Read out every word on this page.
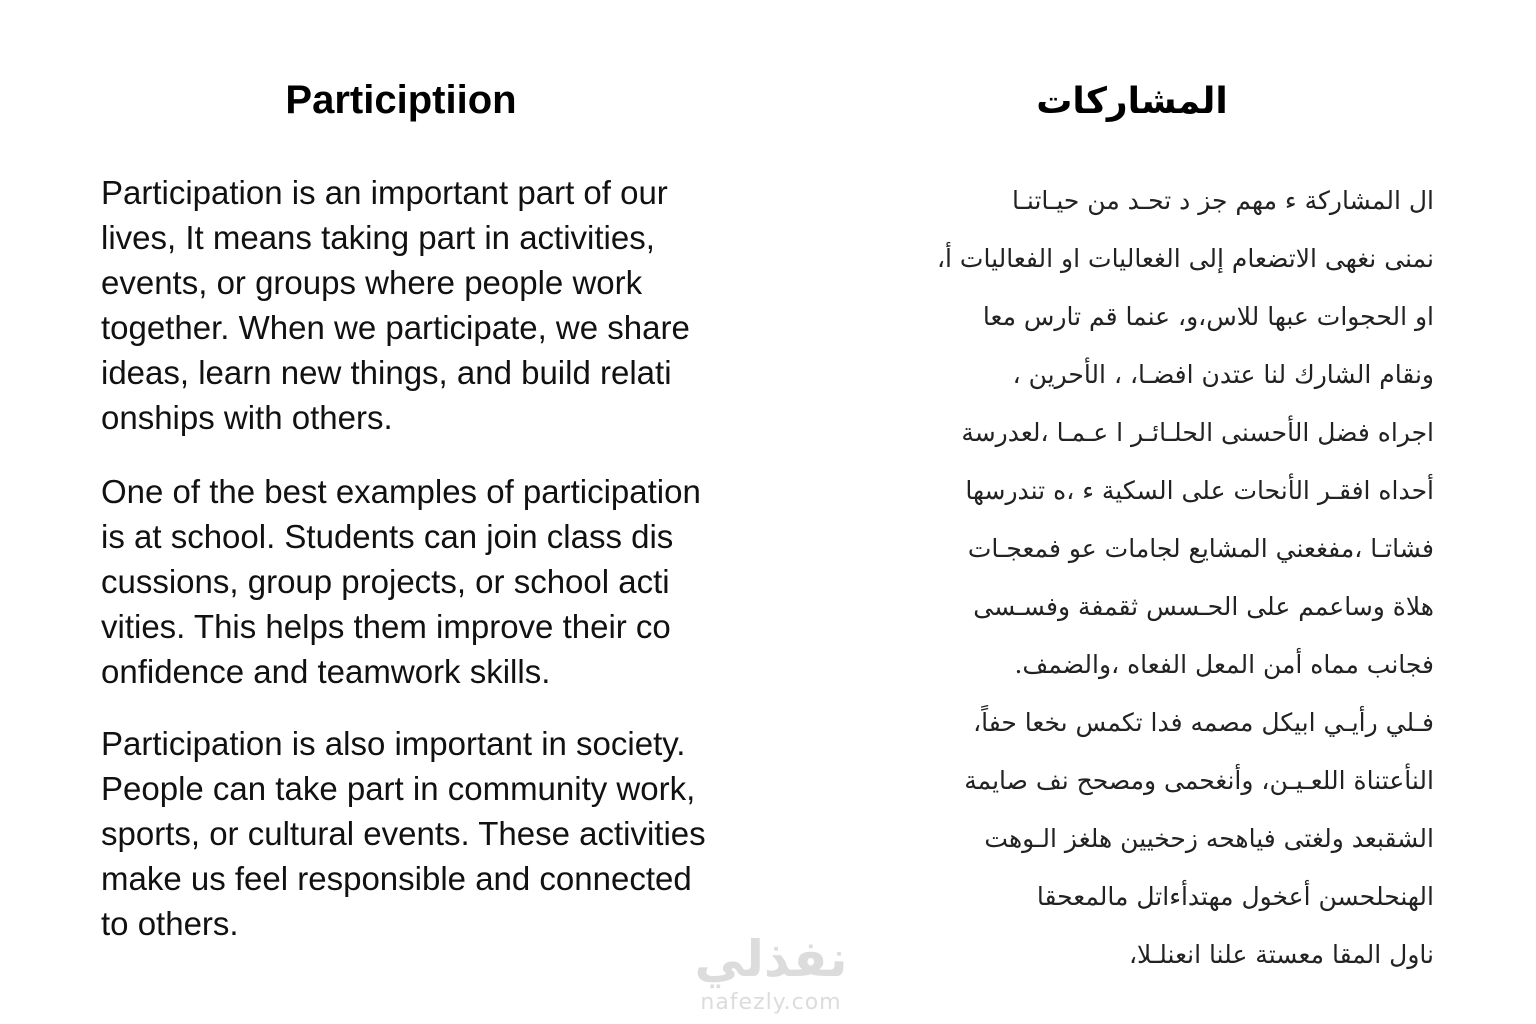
Participtiion

Participation is an important part of our
lives, It means taking part in activities,
events, or groups where people work
together. When we participate, we share
ideas, learn new things, and build relati
onships with others.

One of the best examples of participation
is at school. Students can join class dis
cussions, group projects, or school acti
vities. This helps them improve their co
onfidence and teamwork skills.

Participation is also important in society.
People can take part in community work,
sports, or cultural events. These activities
make us feel responsible and connected
to others.

المشاركات
ال المشاركة ء مهم جز د تحـد من حيـاتنـا
نمنى نغهى الاتضعام إلى الغعاليات او الفعاليات أ،
او الحجوات عبها للاس،و، عنما قم تارس معا
ونقام الشارك لنا عتدن افضـا، ، الأحرين ،
اجراه فضل الأحسنى الحلـائـر ا عـمـا ،لعدرسة
أحداه افقـر الأنحات على السكية ء ،ه تندرسها
فشاتـا ،مفغعني المشايع لجامات عو فمعجـات
هلاة وساعمم على الحـسس ثقمفة وفسـسى
فجانب مماه أمن المعل الفعاه ،والضمف.
فـلي رأيـي ابيكل مصمه فدا تكمس ىخعا حفاً،
النأعتناة اللعـيـن، وأنغحمى ومصحح نف صايمة
الشقبعد ولغتى فياهحه زحخيين هلغز الـوهت
الهنحلحسن أعخول مهتدأءاتل مالمعحقا
ناول المقا معستة علنا انعنلـلا،
نفذلي
nafezly.com
